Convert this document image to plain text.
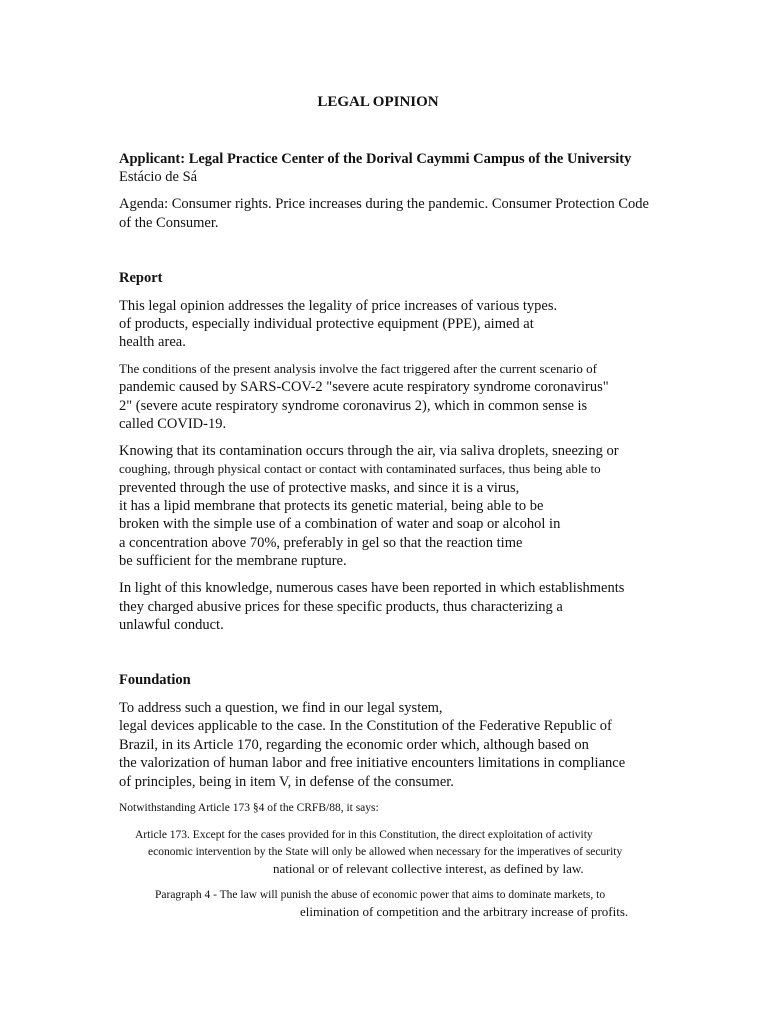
LEGAL OPINION
Applicant: Legal Practice Center of the Dorival Caymmi Campus of the University
Estácio de Sá
Agenda: Consumer rights. Price increases during the pandemic. Consumer Protection Code
of the Consumer.
Report
This legal opinion addresses the legality of price increases of various types.
of products, especially individual protective equipment (PPE), aimed at
health area.
The conditions of the present analysis involve the fact triggered after the current scenario of
pandemic caused by SARS-COV-2 "severe acute respiratory syndrome coronavirus"
2" (severe acute respiratory syndrome coronavirus 2), which in common sense is
called COVID-19.
Knowing that its contamination occurs through the air, via saliva droplets, sneezing or
coughing, through physical contact or contact with contaminated surfaces, thus being able to
prevented through the use of protective masks, and since it is a virus,
it has a lipid membrane that protects its genetic material, being able to be
broken with the simple use of a combination of water and soap or alcohol in
a concentration above 70%, preferably in gel so that the reaction time
be sufficient for the membrane rupture.
In light of this knowledge, numerous cases have been reported in which establishments
they charged abusive prices for these specific products, thus characterizing a
unlawful conduct.
Foundation
To address such a question, we find in our legal system,
legal devices applicable to the case. In the Constitution of the Federative Republic of
Brazil, in its Article 170, regarding the economic order which, although based on
the valorization of human labor and free initiative encounters limitations in compliance
of principles, being in item V, in defense of the consumer.
Notwithstanding Article 173 §4 of the CRFB/88, it says:
Article 173. Except for the cases provided for in this Constitution, the direct exploitation of activity
economic intervention by the State will only be allowed when necessary for the imperatives of security
national or of relevant collective interest, as defined by law.
Paragraph 4 - The law will punish the abuse of economic power that aims to dominate markets, to
elimination of competition and the arbitrary increase of profits.
